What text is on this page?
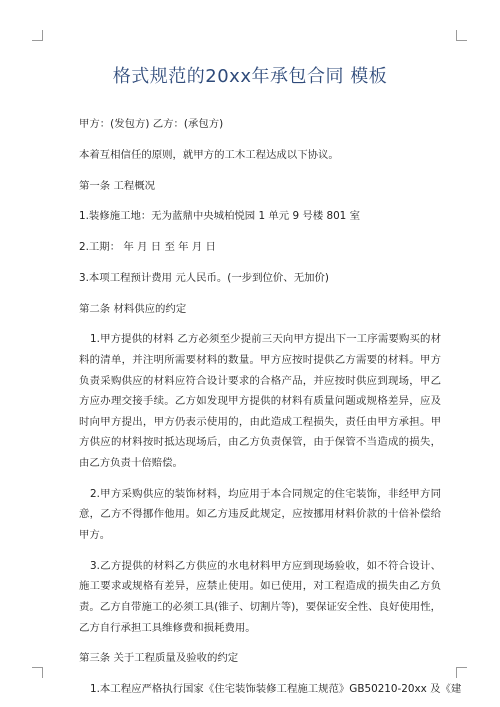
格式规范的20xx年承包合同 模板

甲方：(发包方) 乙方：(承包方)

本着互相信任的原则，就甲方的工木工程达成以下协议。

第一条 工程概况

1.装修施工地：无为蓝鼎中央城柏悦园 1 单元 9 号楼 801 室

2.工期： 年 月 日 至 年 月 日

3.本项工程预计费用 元人民币。(一步到位价、无加价)

第二条 材料供应的约定

1.甲方提供的材料 乙方必须至少提前三天向甲方提出下一工序需要购买的材料的清单，并注明所需要材料的数量。甲方应按时提供乙方需要的材料。甲方负责采购供应的材料应符合设计要求的合格产品，并应按时供应到现场，甲乙方应办理交接手续。乙方如发现甲方提供的材料有质量问题或规格差异，应及时向甲方提出，甲方仍表示使用的，由此造成工程损失，责任由甲方承担。甲方供应的材料按时抵达现场后，由乙方负责保管，由于保管不当造成的损失，由乙方负责十倍赔偿。

2.甲方采购供应的装饰材料，均应用于本合同规定的住宅装饰，非经甲方同意，乙方不得挪作他用。如乙方违反此规定，应按挪用材料价款的十倍补偿给甲方。

3.乙方提供的材料乙方供应的水电材料甲方应到现场验收，如不符合设计、施工要求或规格有差异，应禁止使用。如已使用，对工程造成的损失由乙方负责。乙方自带施工的必须工具(锥子、切割片等)，要保证安全性、良好使用性，乙方自行承担工具维修费和损耗费用。

第三条 关于工程质量及验收的约定

1.本工程应严格执行国家《住宅装饰装修工程施工规范》GB50210-20xx 及《建
